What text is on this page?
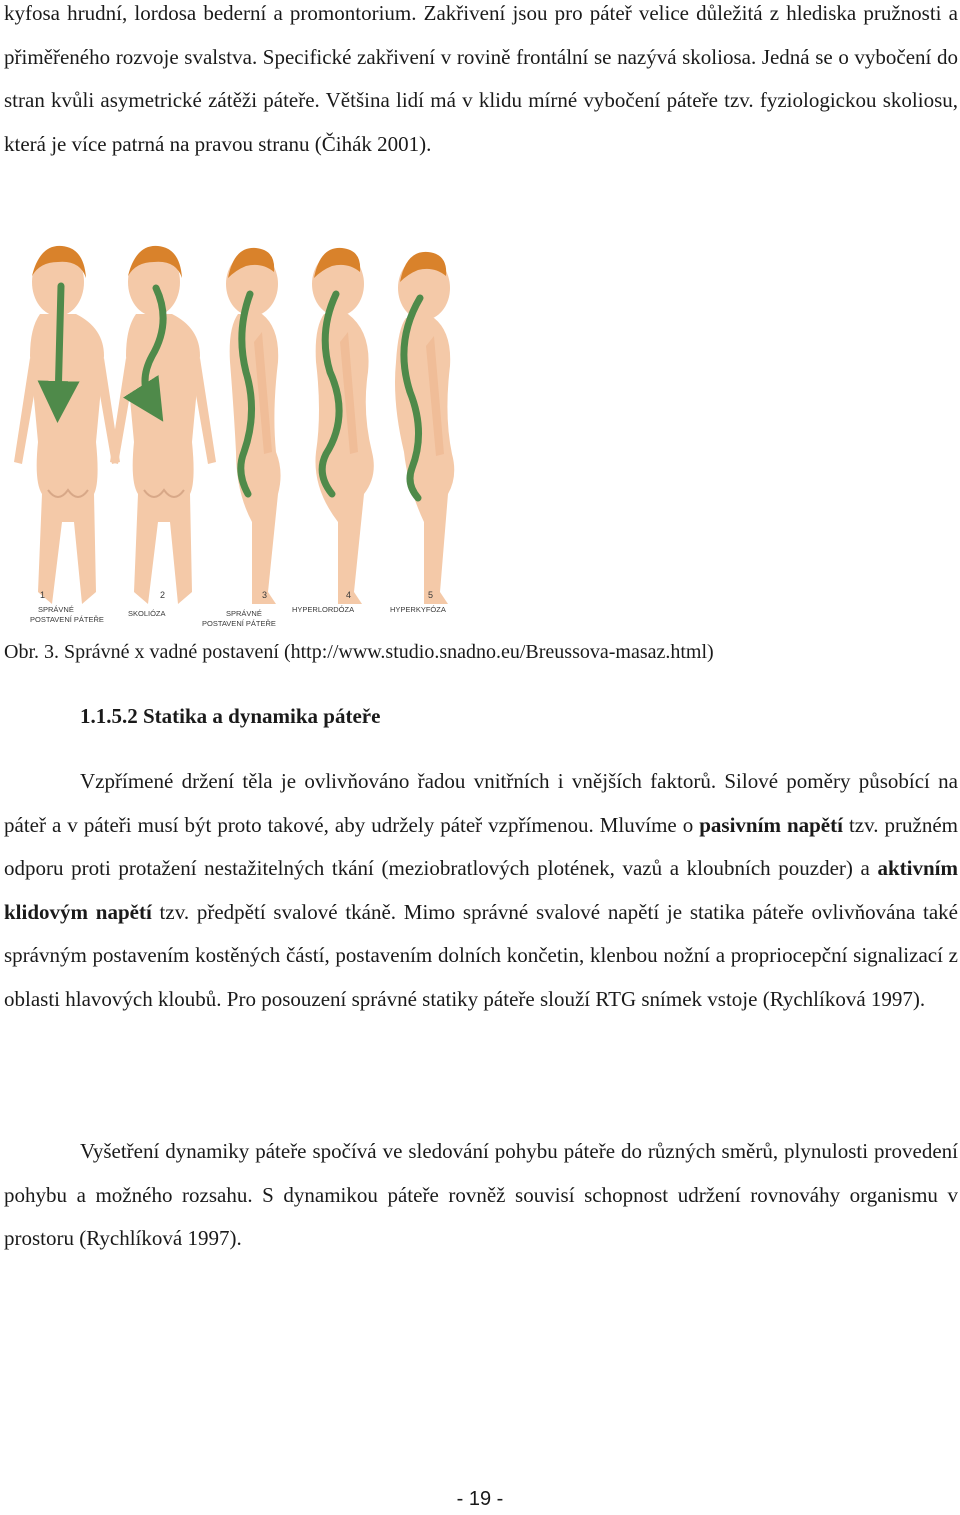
kyfosa hrudní, lordosa bederní a promontorium. Zakřivení jsou pro páteř velice důležitá z hlediska pružnosti a přiměřeného rozvoje svalstva. Specifické zakřivení v rovině frontální se nazývá skoliosa. Jedná se o vybočení do stran kvůli asymetrické zátěži páteře. Většina lidí má v klidu mírné vybočení páteře tzv. fyziologickou skoliosu, která je více patrná na pravou stranu (Čihák 2001).

1	2	3	4	5
SPRÁVNÉ
POSTAVENÍ PÁTEŘE
SKOLIÓZA	SPRÁVNÉ
POSTAVENÍ PÁTEŘE
HYPERLORDÓZA	HYPERKYFÓZA

Obr. 3. Správné x vadné postavení (http://www.studio.snadno.eu/Breussova-masaz.html)

1.1.5.2 Statika a dynamika páteře

Vzpřímené držení těla je ovlivňováno řadou vnitřních i vnějších faktorů. Silové poměry působící na páteř a v páteři musí být proto takové, aby udržely páteř vzpřímenou. Mluvíme o pasivním napětí tzv. pružném odporu proti protažení nestažitelných tkání (meziobratlových plotének, vazů a kloubních pouzder) a aktivním klidovým napětí tzv. předpětí svalové tkáně. Mimo správné svalové napětí je statika páteře ovlivňována také správným postavením kostěných částí, postavením dolních končetin, klenbou nožní a propriocepční signalizací z oblasti hlavových kloubů. Pro posouzení správné statiky páteře slouží RTG snímek vstoje (Rychlíková 1997).

Vyšetření dynamiky páteře spočívá ve sledování pohybu páteře do různých směrů, plynulosti provedení pohybu a možného rozsahu. S dynamikou páteře rovněž souvisí schopnost udržení rovnováhy organismu v prostoru (Rychlíková 1997).

- 19 -
